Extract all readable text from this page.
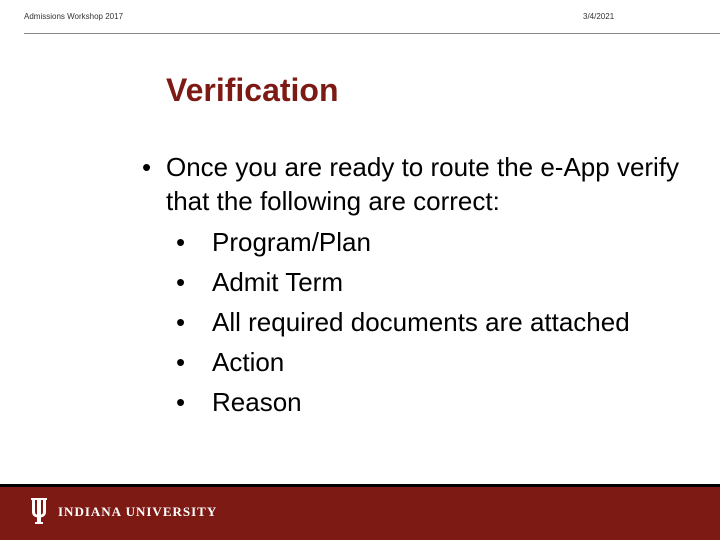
Admissions Workshop 2017	3/4/2021
Verification
• Once you are ready to route the e-App verify that the following are correct:
• Program/Plan
• Admit Term
• All required documents are attached
• Action
• Reason
INDIANA UNIVERSITY
